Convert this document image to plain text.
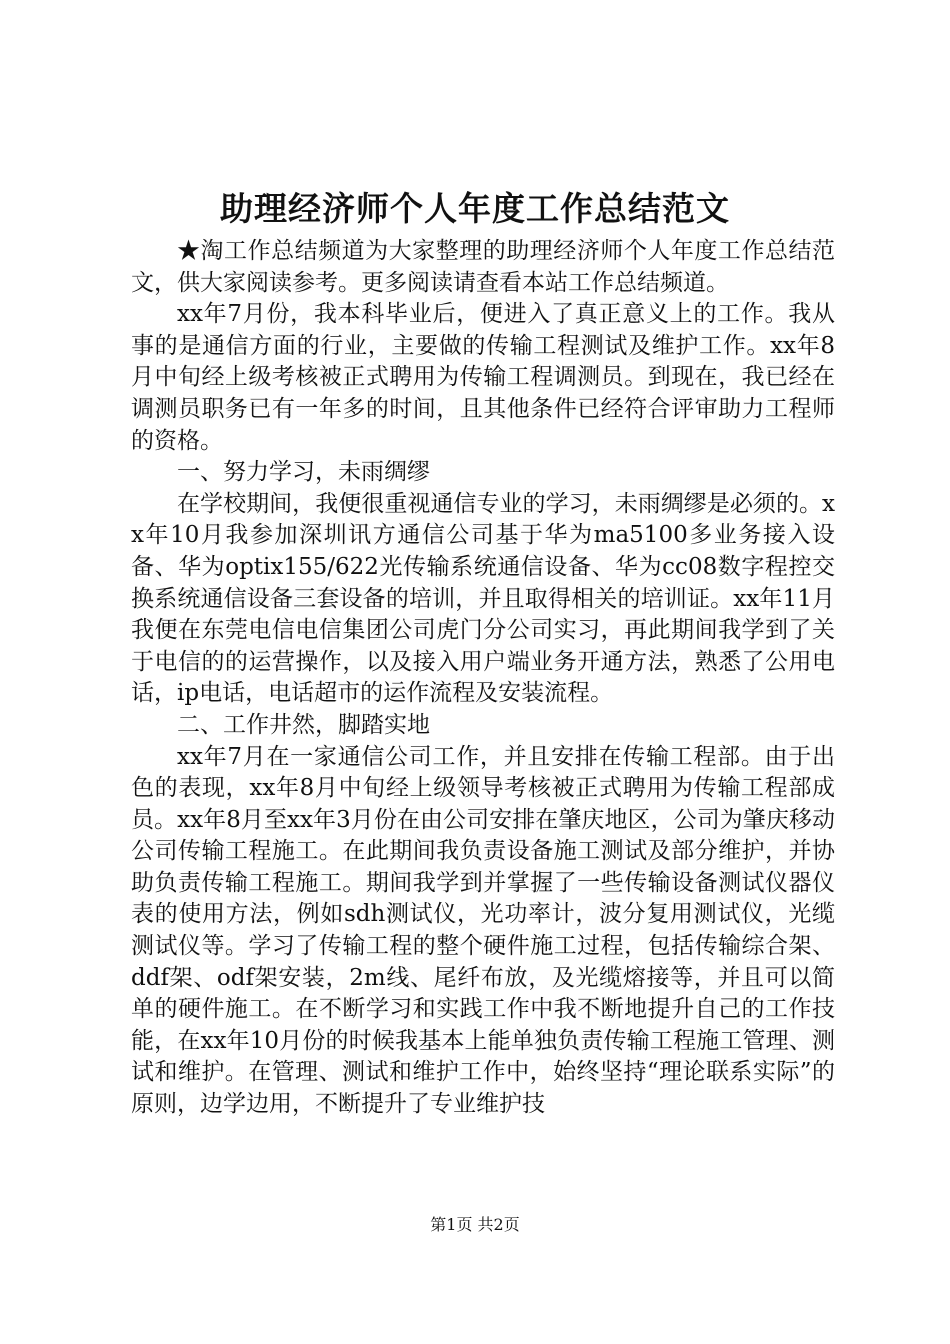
助理经济师个人年度工作总结范文

★淘工作总结频道为大家整理的助理经济师个人年度工作总结范文，供大家阅读参考。更多阅读请查看本站工作总结频道。

xx年7月份，我本科毕业后，便进入了真正意义上的工作。我从事的是通信方面的行业，主要做的传输工程测试及维护工作。xx年8月中旬经上级考核被正式聘用为传输工程调测员。到现在，我已经在调测员职务已有一年多的时间，且其他条件已经符合评审助力工程师的资格。

一、努力学习，未雨绸缪

在学校期间，我便很重视通信专业的学习，未雨绸缪是必须的。xx年10月我参加深圳讯方通信公司基于华为ma5100多业务接入设备、华为optix155/622光传输系统通信设备、华为cc08数字程控交换系统通信设备三套设备的培训，并且取得相关的培训证。xx年11月我便在东莞电信电信集团公司虎门分公司实习，再此期间我学到了关于电信的的运营操作，以及接入用户端业务开通方法，熟悉了公用电话，ip电话，电话超市的运作流程及安装流程。

二、工作井然，脚踏实地

xx年7月在一家通信公司工作，并且安排在传输工程部。由于出色的表现，xx年8月中旬经上级领导考核被正式聘用为传输工程部成员。xx年8月至xx年3月份在由公司安排在肇庆地区，公司为肇庆移动公司传输工程施工。在此期间我负责设备施工测试及部分维护，并协助负责传输工程施工。期间我学到并掌握了一些传输设备测试仪器仪表的使用方法，例如sdh测试仪，光功率计，波分复用测试仪，光缆测试仪等。学习了传输工程的整个硬件施工过程，包括传输综合架、ddf架、odf架安装，2m线、尾纤布放，及光缆熔接等，并且可以简单的硬件施工。在不断学习和实践工作中我不断地提升自己的工作技能，在xx年10月份的时候我基本上能单独负责传输工程施工管理、测试和维护。在管理、测试和维护工作中，始终坚持“理论联系实际”的原则，边学边用，不断提升了专业维护技

第1页 共2页
